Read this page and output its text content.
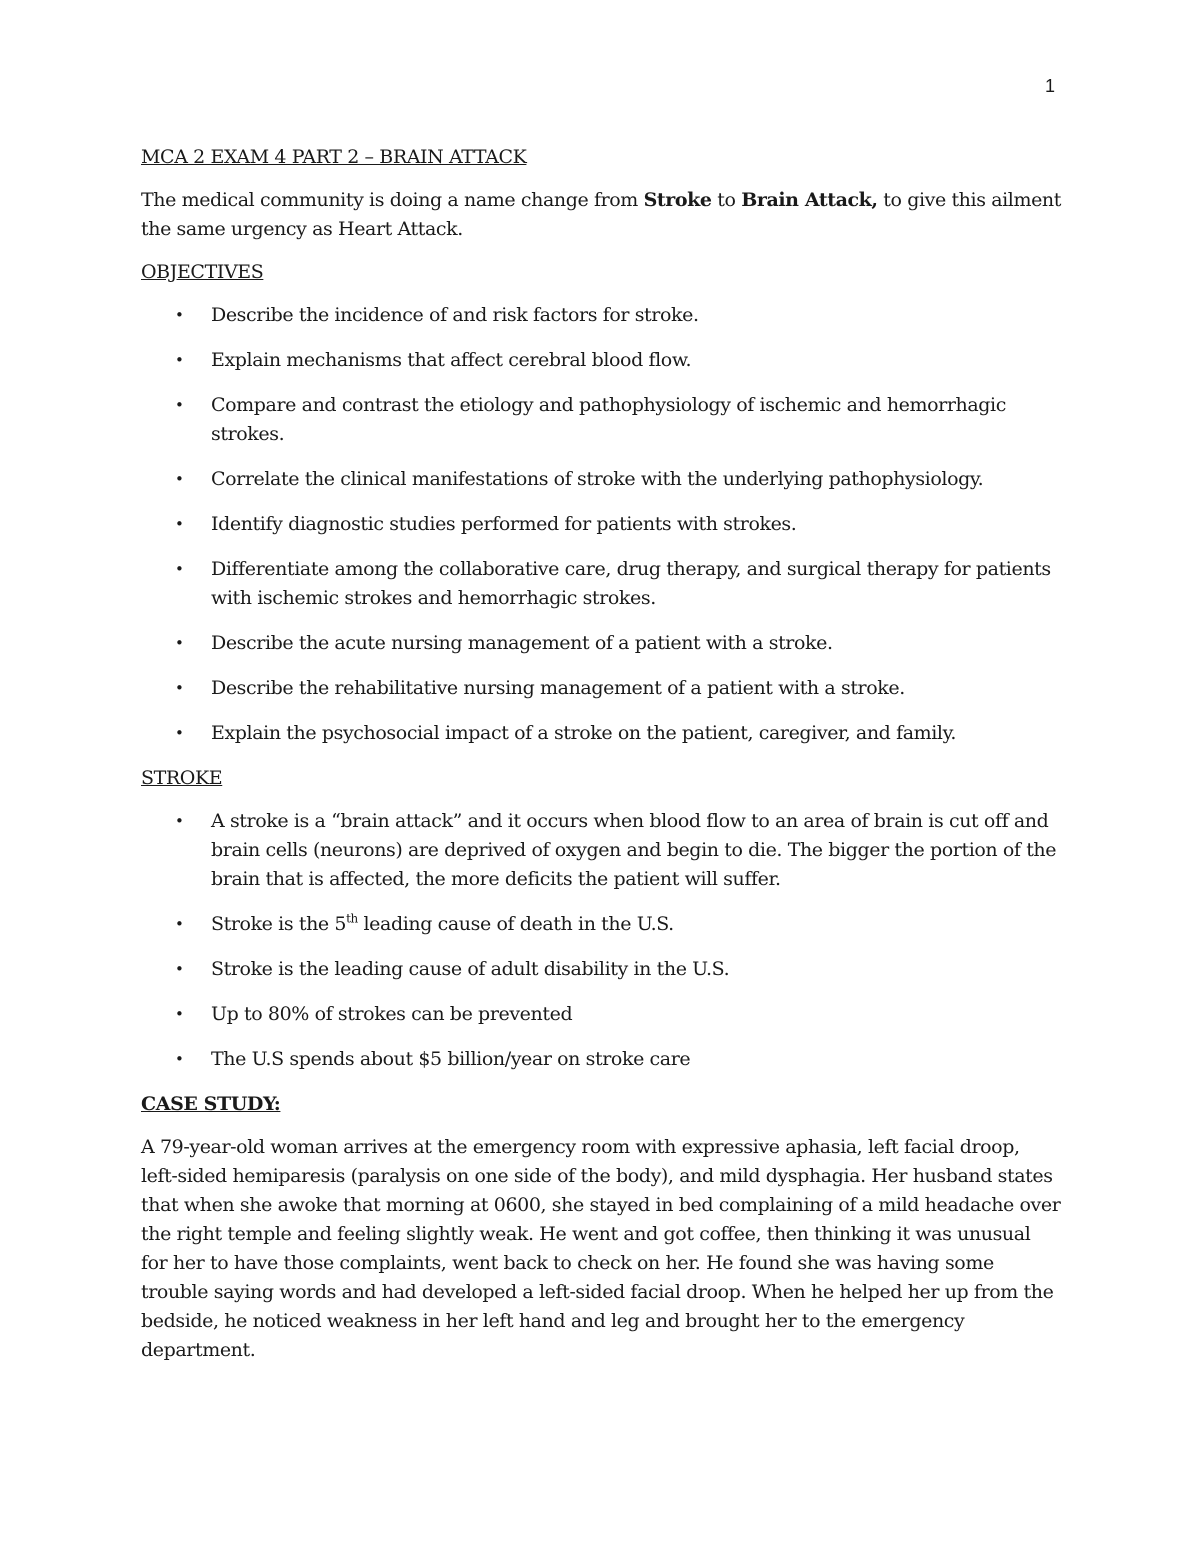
1
MCA 2 EXAM 4 PART 2 – BRAIN ATTACK

The medical community is doing a name change from Stroke to Brain Attack, to give this ailment the same urgency as Heart Attack.

OBJECTIVES
• Describe the incidence of and risk factors for stroke.
• Explain mechanisms that affect cerebral blood flow.
• Compare and contrast the etiology and pathophysiology of ischemic and hemorrhagic strokes.
• Correlate the clinical manifestations of stroke with the underlying pathophysiology.
• Identify diagnostic studies performed for patients with strokes.
• Differentiate among the collaborative care, drug therapy, and surgical therapy for patients with ischemic strokes and hemorrhagic strokes.
• Describe the acute nursing management of a patient with a stroke.
• Describe the rehabilitative nursing management of a patient with a stroke.
• Explain the psychosocial impact of a stroke on the patient, caregiver, and family.
STROKE
• A stroke is a “brain attack” and it occurs when blood flow to an area of brain is cut off and brain cells (neurons) are deprived of oxygen and begin to die. The bigger the portion of the brain that is affected, the more deficits the patient will suffer.
• Stroke is the 5th leading cause of death in the U.S.
• Stroke is the leading cause of adult disability in the U.S.
• Up to 80% of strokes can be prevented
• The U.S spends about $5 billion/year on stroke care
CASE STUDY:

A 79-year-old woman arrives at the emergency room with expressive aphasia, left facial droop, left-sided hemiparesis (paralysis on one side of the body), and mild dysphagia. Her husband states that when she awoke that morning at 0600, she stayed in bed complaining of a mild headache over the right temple and feeling slightly weak. He went and got coffee, then thinking it was unusual for her to have those complaints, went back to check on her. He found she was having some trouble saying words and had developed a left-sided facial droop. When he helped her up from the bedside, he noticed weakness in her left hand and leg and brought her to the emergency department.
